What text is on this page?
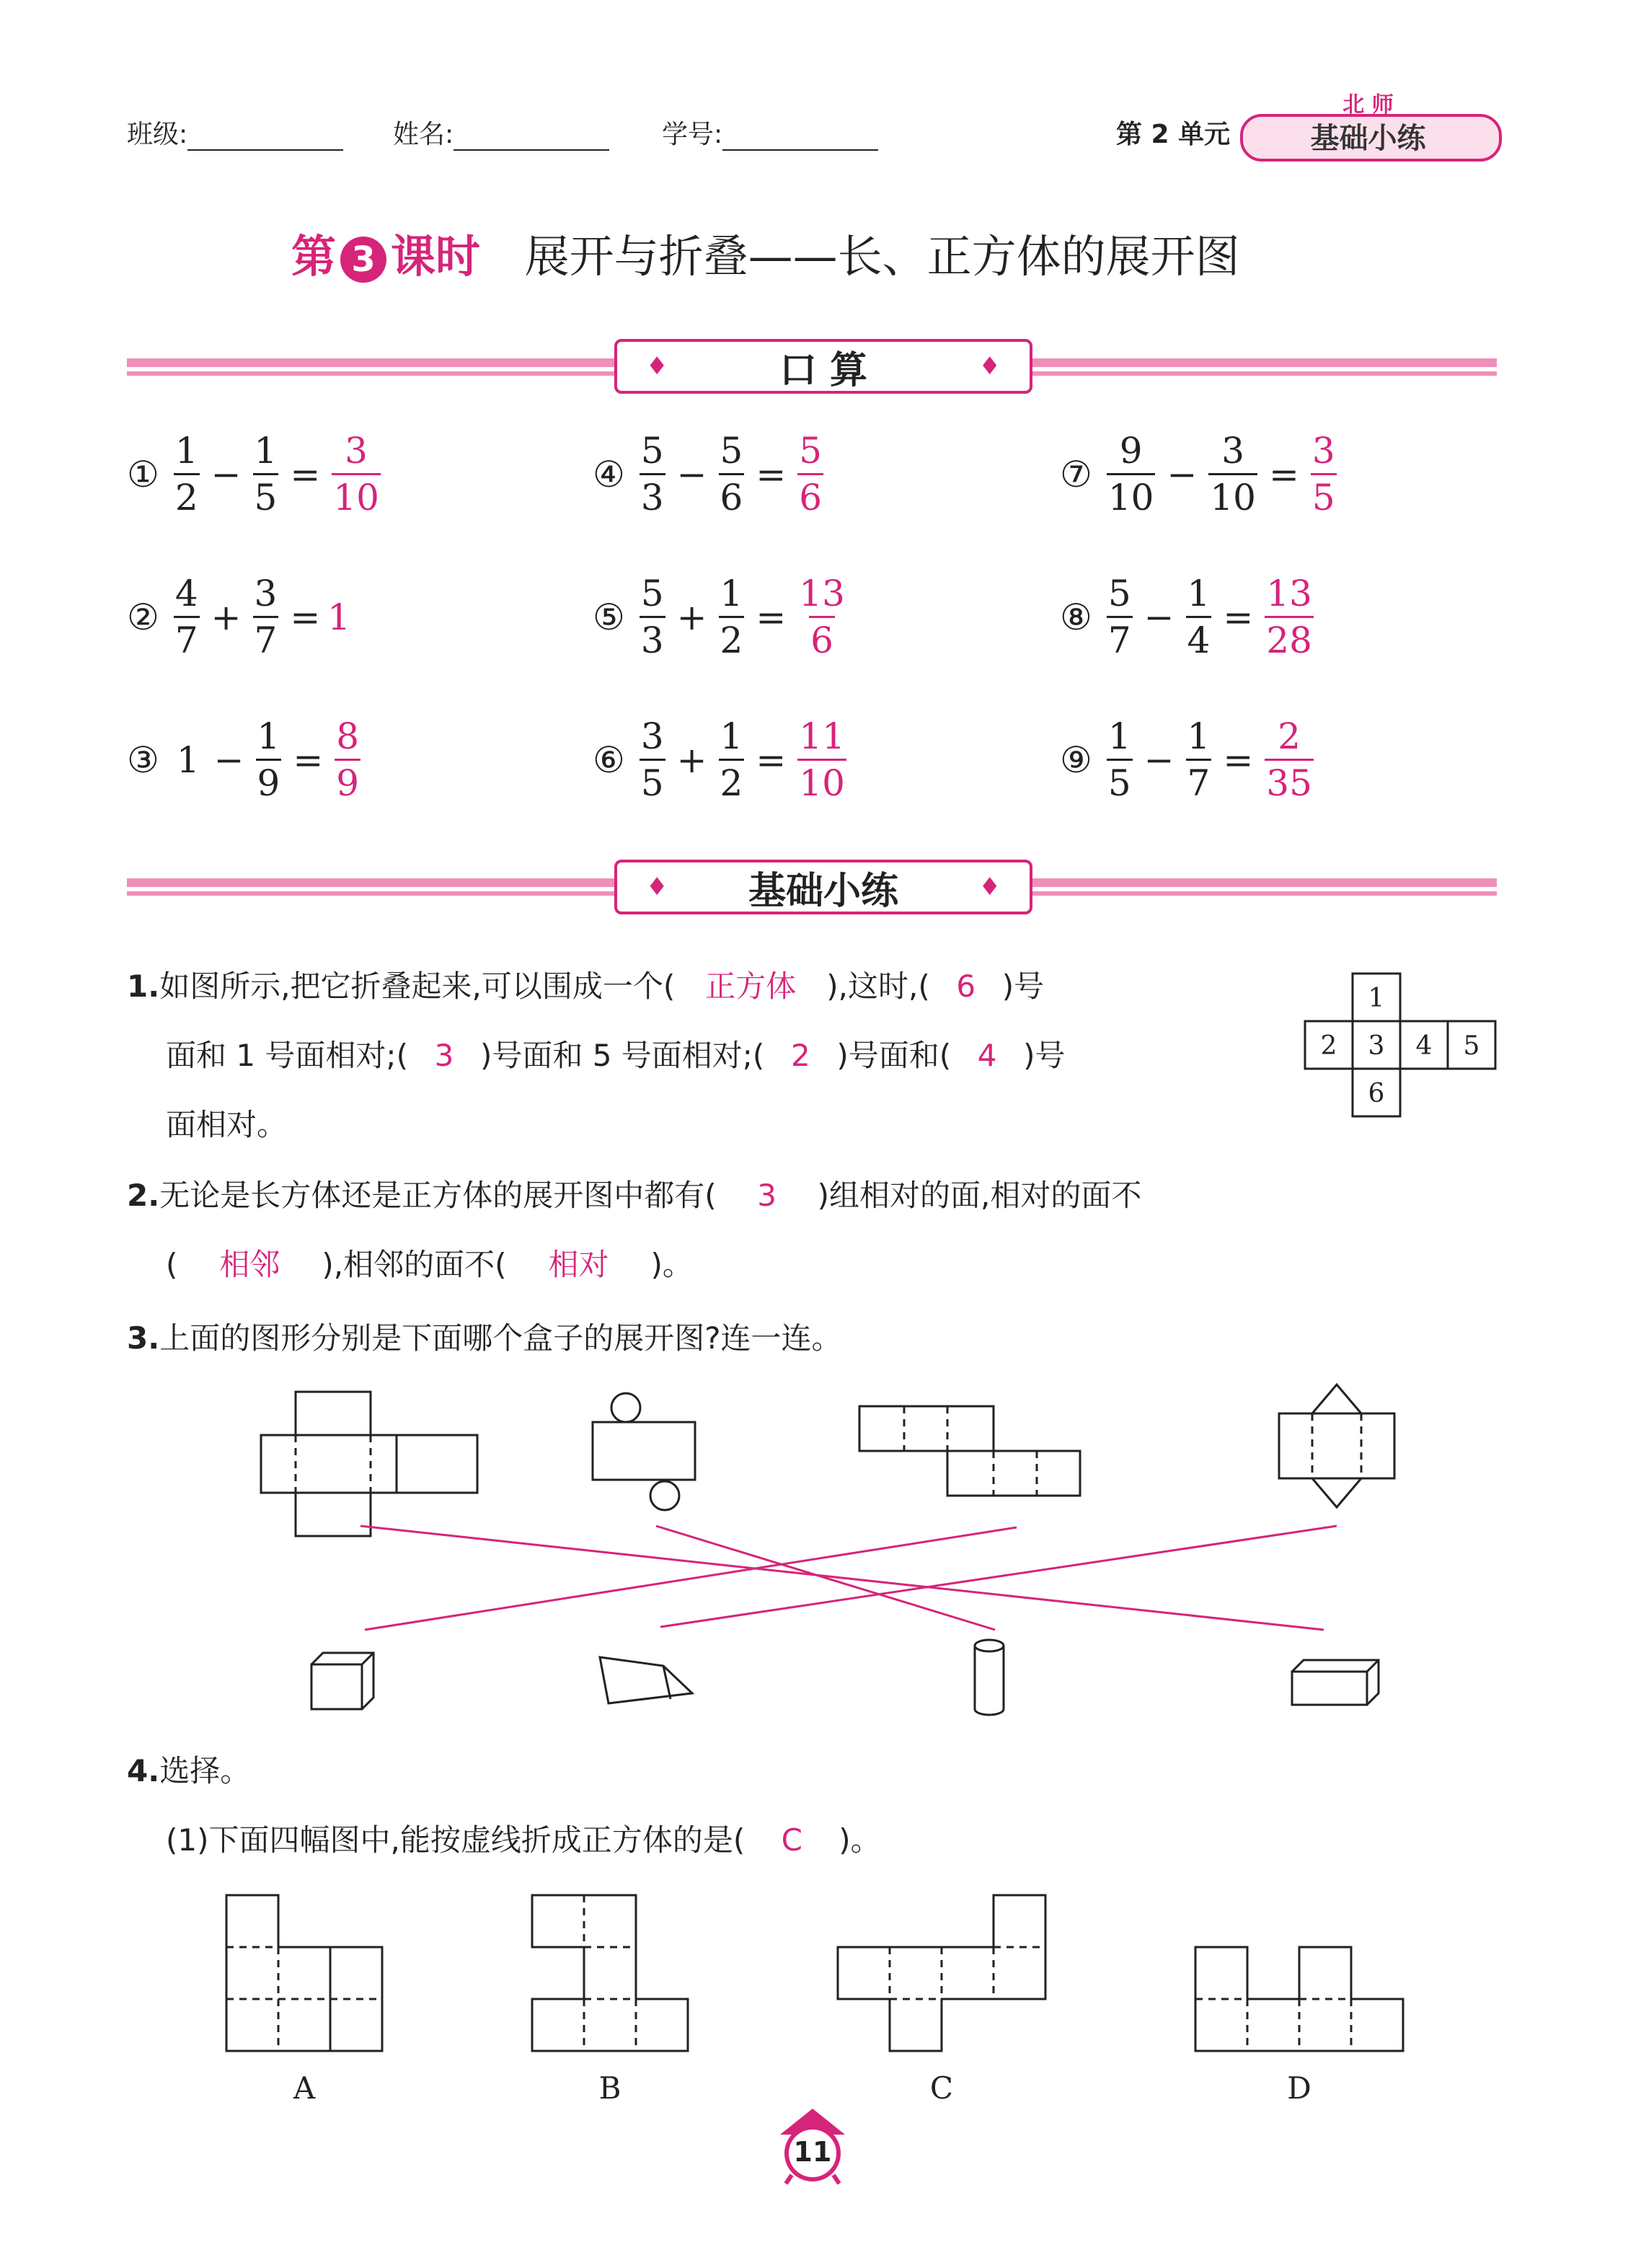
班级:	姓名:	学号:	第 2 单元
北 师
基础小练
第 3 课时 展开与折叠——长、正方体的展开图
♦	口 算	♦
① $\frac{1}{2} - \frac{1}{5} = \frac{3}{10}$
② $\frac{4}{7} + \frac{3}{7} = 1$
③ $1 - \frac{1}{9} = \frac{8}{9}$
④ $\frac{5}{3} - \frac{5}{6} = \frac{5}{6}$
⑤ $\frac{5}{3} + \frac{1}{2} = \frac{13}{6}$
⑥ $\frac{3}{5} + \frac{1}{2} = \frac{11}{10}$
⑦ $\frac{9}{10} - \frac{3}{10} = \frac{3}{5}$
⑧ $\frac{5}{7} - \frac{1}{4} = \frac{13}{28}$
⑨ $\frac{1}{5} - \frac{1}{7} = \frac{2}{35}$
♦ 基础小练	♦
1.如图所示,把它折叠起来,可以围成一个( 正方体 ),这时,( 6 )号
面和 1 号面相对;( 3 )号面和 5 号面相对;( 2 )号面和( 4 )号
面相对。
1
2 3 4 5
6
2.无论是长方体还是正方体的展开图中都有( 3 )组相对的面,相对的面不
( 相邻 ),相邻的面不( 相对 )。
3.上面的图形分别是下面哪个盒子的展开图?连一连。
4.选择。
(1)下面四幅图中,能按虚线折成正方体的是( C )。
A	B	C	D
11
